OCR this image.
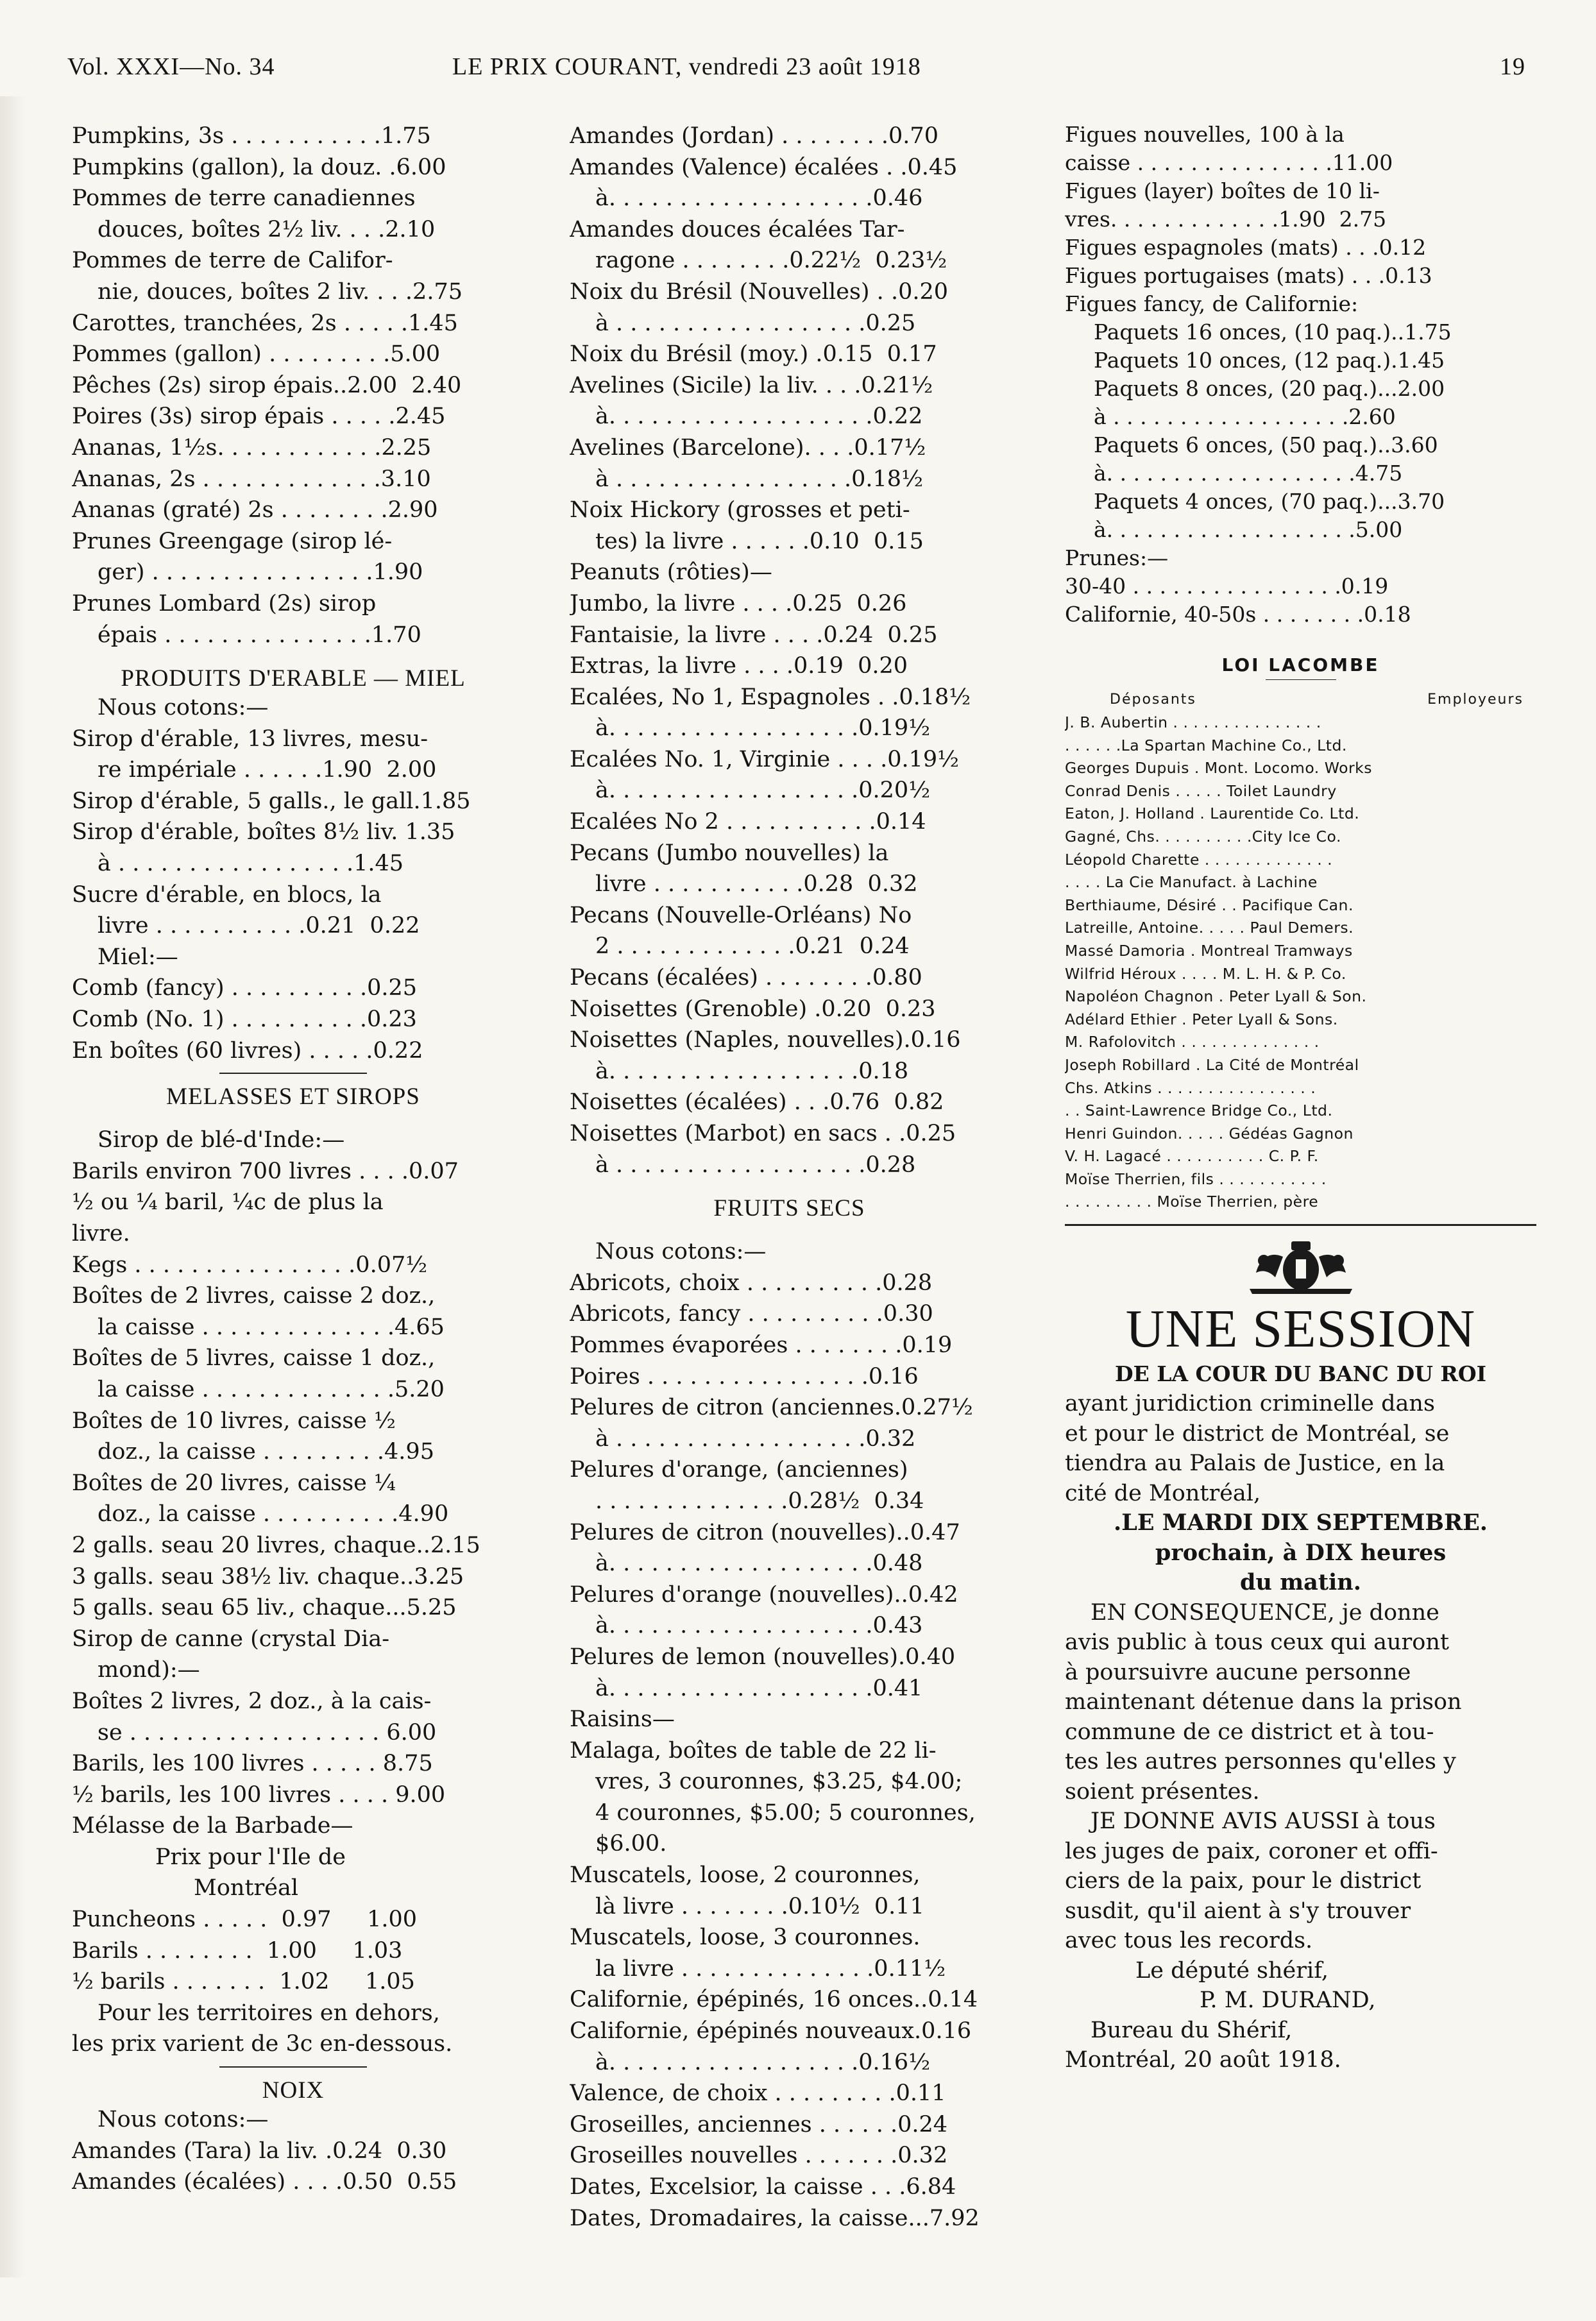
Vol. XXXI—No. 34	LE PRIX COURANT, vendredi 23 août 1918	19
Pumpkins, 3s . . . . . . . . . . .1.75
Pumpkins (gallon), la douz. .6.00
Pommes de terre canadiennes
douces, boîtes 2½ liv. . . .2.10
Pommes de terre de Califor-
nie, douces, boîtes 2 liv. . . .2.75
Carottes, tranchées, 2s . . . . .1.45
Pommes (gallon) . . . . . . . . .5.00
Pêches (2s) sirop épais..2.00  2.40
Poires (3s) sirop épais . . . . .2.45
Ananas, 1½s. . . . . . . . . . . .2.25
Ananas, 2s . . . . . . . . . . . . .3.10
Ananas (graté) 2s . . . . . . . .2.90
Prunes Greengage (sirop lé-
ger) . . . . . . . . . . . . . . . .1.90
Prunes Lombard (2s) sirop
épais . . . . . . . . . . . . . . .1.70
PRODUITS D'ERABLE — MIEL
Nous cotons:—
Sirop d'érable, 13 livres, mesu-
re impériale . . . . . .1.90  2.00
Sirop d'érable, 5 galls., le gall.1.85
Sirop d'érable, boîtes 8½ liv. 1.35
à . . . . . . . . . . . . . . . . .1.45
Sucre d'érable, en blocs, la
livre . . . . . . . . . . .0.21  0.22
Miel:—
Comb (fancy) . . . . . . . . . .0.25
Comb (No. 1) . . . . . . . . . .0.23
En boîtes (60 livres) . . . . .0.22
MELASSES ET SIROPS
Sirop de blé-d'Inde:—
Barils environ 700 livres . . . .0.07
½ ou ¼ baril, ¼c de plus la
livre.
Kegs . . . . . . . . . . . . . . . .0.07½
Boîtes de 2 livres, caisse 2 doz.,
la caisse . . . . . . . . . . . . . .4.65
Boîtes de 5 livres, caisse 1 doz.,
la caisse . . . . . . . . . . . . . .5.20
Boîtes de 10 livres, caisse ½
doz., la caisse . . . . . . . . .4.95
Boîtes de 20 livres, caisse ¼
doz., la caisse . . . . . . . . . .4.90
2 galls. seau 20 livres, chaque..2.15
3 galls. seau 38½ liv. chaque..3.25
5 galls. seau 65 liv., chaque...5.25
Sirop de canne (crystal Dia-
mond):—
Boîtes 2 livres, 2 doz., à la cais-
se . . . . . . . . . . . . . . . . . . 6.00
Barils, les 100 livres . . . . . 8.75
½ barils, les 100 livres . . . . 9.00
Mélasse de la Barbade—
Prix pour l'Ile de
Montréal
Puncheons . . . . .  0.97     1.00
Barils . . . . . . . .  1.00     1.03
½ barils . . . . . . .  1.02     1.05
Pour les territoires en dehors,
les prix varient de 3c en-dessous.
NOIX
Nous cotons:—
Amandes (Tara) la liv. .0.24  0.30
Amandes (écalées) . . . .0.50  0.55
Amandes (Jordan) . . . . . . . .0.70
Amandes (Valence) écalées . .0.45
à. . . . . . . . . . . . . . . . . . .0.46
Amandes douces écalées Tar-
ragone . . . . . . . .0.22½  0.23½
Noix du Brésil (Nouvelles) . .0.20
à . . . . . . . . . . . . . . . . . .0.25
Noix du Brésil (moy.) .0.15  0.17
Avelines (Sicile) la liv. . . .0.21½
à. . . . . . . . . . . . . . . . . . .0.22
Avelines (Barcelone). . . .0.17½
à . . . . . . . . . . . . . . . . .0.18½
Noix Hickory (grosses et peti-
tes) la livre . . . . . .0.10  0.15
Peanuts (rôties)—
Jumbo, la livre . . . .0.25  0.26
Fantaisie, la livre . . . .0.24  0.25
Extras, la livre . . . .0.19  0.20
Ecalées, No 1, Espagnoles . .0.18½
à. . . . . . . . . . . . . . . . . .0.19½
Ecalées No. 1, Virginie . . . .0.19½
à. . . . . . . . . . . . . . . . . .0.20½
Ecalées No 2 . . . . . . . . . . .0.14
Pecans (Jumbo nouvelles) la
livre . . . . . . . . . . .0.28  0.32
Pecans (Nouvelle-Orléans) No
2 . . . . . . . . . . . . .0.21  0.24
Pecans (écalées) . . . . . . . .0.80
Noisettes (Grenoble) .0.20  0.23
Noisettes (Naples, nouvelles).0.16
à. . . . . . . . . . . . . . . . . .0.18
Noisettes (écalées) . . .0.76  0.82
Noisettes (Marbot) en sacs . .0.25
à . . . . . . . . . . . . . . . . . .0.28
FRUITS SECS
Nous cotons:—
Abricots, choix . . . . . . . . . .0.28
Abricots, fancy . . . . . . . . . .0.30
Pommes évaporées . . . . . . . .0.19
Poires . . . . . . . . . . . . . . . .0.16
Pelures de citron (anciennes.0.27½
à . . . . . . . . . . . . . . . . . .0.32
Pelures d'orange, (anciennes)
. . . . . . . . . . . . . .0.28½  0.34
Pelures de citron (nouvelles)..0.47
à. . . . . . . . . . . . . . . . . . .0.48
Pelures d'orange (nouvelles)..0.42
à. . . . . . . . . . . . . . . . . . .0.43
Pelures de lemon (nouvelles).0.40
à. . . . . . . . . . . . . . . . . . .0.41
Raisins—
Malaga, boîtes de table de 22 li-
vres, 3 couronnes, $3.25, $4.00;
4 couronnes, $5.00; 5 couronnes,
$6.00.
Muscatels, loose, 2 couronnes,
là livre . . . . . . . .0.10½  0.11
Muscatels, loose, 3 couronnes.
la livre . . . . . . . . . . . . . .0.11½
Californie, épépinés, 16 onces..0.14
Californie, épépinés nouveaux.0.16
à. . . . . . . . . . . . . . . . . .0.16½
Valence, de choix . . . . . . . . .0.11
Groseilles, anciennes . . . . . .0.24
Groseilles nouvelles . . . . . . .0.32
Dates, Excelsior, la caisse . . .6.84
Dates, Dromadaires, la caisse...7.92
Figues nouvelles, 100 à la
caisse . . . . . . . . . . . . . . .11.00
Figues (layer) boîtes de 10 li-
vres. . . . . . . . . . . . .1.90  2.75
Figues espagnoles (mats) . . .0.12
Figues portugaises (mats) . . .0.13
Figues fancy, de Californie:
Paquets 16 onces, (10 paq.)..1.75
Paquets 10 onces, (12 paq.).1.45
Paquets 8 onces, (20 paq.)...2.00
à . . . . . . . . . . . . . . . . . .2.60
Paquets 6 onces, (50 paq.)..3.60
à. . . . . . . . . . . . . . . . . . .4.75
Paquets 4 onces, (70 paq.)...3.70
à. . . . . . . . . . . . . . . . . . .5.00
Prunes:—
30-40 . . . . . . . . . . . . . . . .0.19
Californie, 40-50s . . . . . . . .0.18
LOI LACOMBE
Déposants	Employeurs
J. B. Aubertin . . . . . . . . . . . . . . .
. . . . . .La Spartan Machine Co., Ltd.
Georges Dupuis . Mont. Locomo. Works
Conrad Denis . . . . . Toilet Laundry
Eaton, J. Holland . Laurentide Co. Ltd.
Gagné, Chs. . . . . . . . . .City Ice Co.
Léopold Charette . . . . . . . . . . . . .
. . . . La Cie Manufact. à Lachine
Berthiaume, Désiré . . Pacifique Can.
Latreille, Antoine. . . . . Paul Demers.
Massé Damoria . Montreal Tramways
Wilfrid Héroux . . . . M. L. H. & P. Co.
Napoléon Chagnon . Peter Lyall & Son.
Adélard Ethier . Peter Lyall & Sons.
M. Rafolovitch . . . . . . . . . . . . . .
Joseph Robillard . La Cité de Montréal
Chs. Atkins . . . . . . . . . . . . . . . .
. . Saint-Lawrence Bridge Co., Ltd.
Henri Guindon. . . . . Gédéas Gagnon
V. H. Lagacé . . . . . . . . . . C. P. F.
Moïse Therrien, fils . . . . . . . . . . .
. . . . . . . . . Moïse Therrien, père
UNE SESSION
DE LA COUR DU BANC DU ROI
ayant juridiction criminelle dans
et pour le district de Montréal, se
tiendra au Palais de Justice, en la
cité de Montréal,
.LE MARDI DIX SEPTEMBRE.
prochain, à DIX heures
du matin.
EN CONSEQUENCE, je donne
avis public à tous ceux qui auront
à poursuivre aucune personne
maintenant détenue dans la prison
commune de ce district et à tou-
tes les autres personnes qu'elles y
soient présentes.
JE DONNE AVIS AUSSI à tous
les juges de paix, coroner et offi-
ciers de la paix, pour le district
susdit, qu'il aient à s'y trouver
avec tous les records.
Le député shérif,
P. M. DURAND,
Bureau du Shérif,
Montréal, 20 août 1918.
